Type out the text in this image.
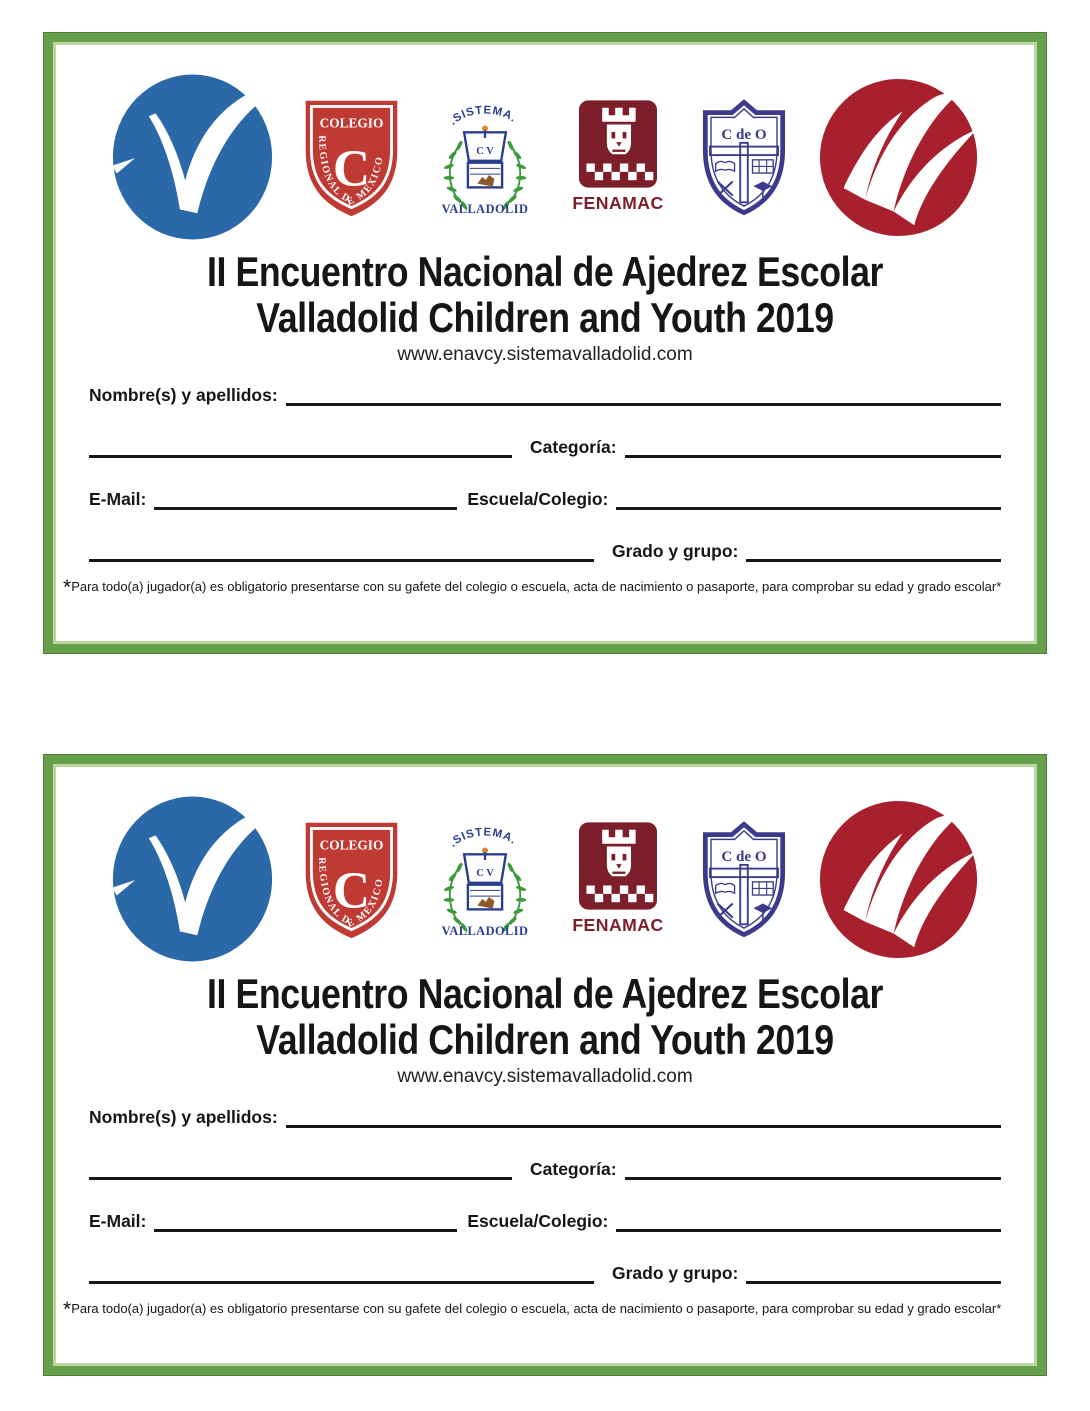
II Encuentro Nacional de Ajedrez Escolar
Valladolid Children and Youth 2019
www.enavcy.sistemavalladolid.com
Nombre(s) y apellidos:
Categoría:
E-Mail:	Escuela/Colegio:
Grado y grupo:
*Para todo(a) jugador(a) es obligatorio presentarse con su gafete del colegio o escuela, acta de nacimiento o pasaporte, para comprobar su edad y grado escolar*
II Encuentro Nacional de Ajedrez Escolar
Valladolid Children and Youth 2019
www.enavcy.sistemavalladolid.com
Nombre(s) y apellidos:
Categoría:
E-Mail:	Escuela/Colegio:
Grado y grupo:
*Para todo(a) jugador(a) es obligatorio presentarse con su gafete del colegio o escuela, acta de nacimiento o pasaporte, para comprobar su edad y grado escolar*
